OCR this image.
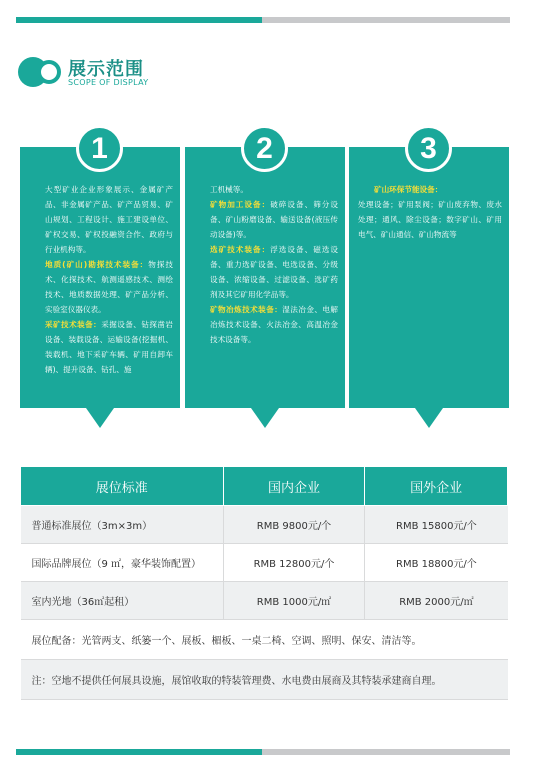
展示范围
SCOPE OF DISPLAY
1
大型矿业企业形象展示、金属矿产品、非金属矿产品、矿产品贸易、矿山规划、工程设计、施工建设单位、矿权交易、矿权投融资合作、政府与行业机构等。
地质(矿山)勘探技术装备：物探技术、化探技术、航测遥感技术、测绘技术、地质数据处理、矿产品分析、实验室仪器仪表。
采矿技术装备：采掘设备、钻探凿岩设备、装载设备、运输设备(挖掘机、装载机、地下采矿车辆、矿用自卸车辆)、提升设备、钻孔、施
2
工机械等。
矿物加工设备：破碎设备、筛分设备、矿山粉磨设备、输送设备(液压传动设备)等。
选矿技术装备：浮选设备、磁选设备、重力选矿设备、电选设备、分级设备、浓缩设备、过滤设备、选矿药剂及其它矿用化学品等。
矿物冶炼技术装备：湿法冶金、电解冶炼技术设备、火法冶金、高温冶金技术设备等。
3
矿山环保节能设备：
处理设备；矿用泵阀；矿山废弃物、废水处理；通风、除尘设备；数字矿山、矿用电气、矿山通信、矿山物流等
展位标准	国内企业	国外企业
普通标准展位（3m×3m）	RMB 9800元/个	RMB 15800元/个
国际品牌展位（9 ㎡，豪华装饰配置）	RMB 12800元/个	RMB 18800元/个
室内光地（36㎡起租）	RMB 1000元/㎡	RMB 2000元/㎡
展位配备：光管两支、纸篓一个、展板、楣板、一桌二椅、空调、照明、保安、清洁等。		
注：空地不提供任何展具设施，展馆收取的特装管理费、水电费由展商及其特装承建商自理。		
